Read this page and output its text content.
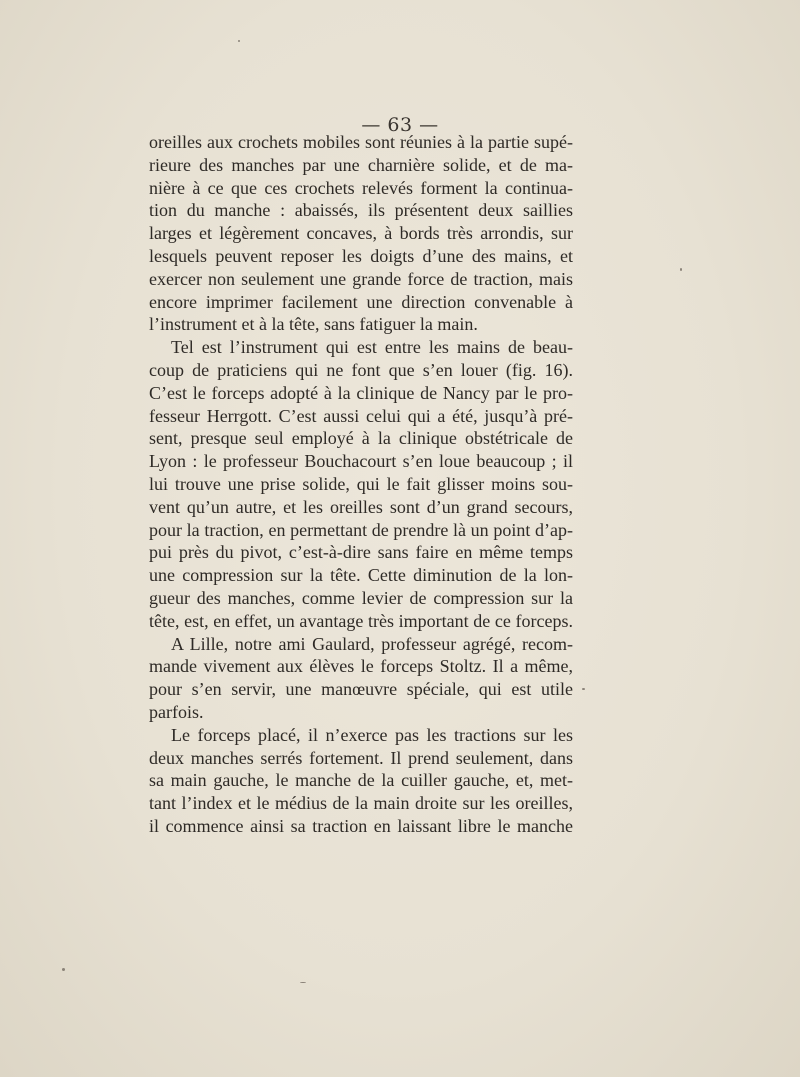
— 63 —
oreilles aux crochets mobiles sont réunies à la partie supé-
rieure des manches par une charnière solide, et de ma-
nière à ce que ces crochets relevés forment la continua-
tion du manche : abaissés, ils présentent deux saillies
larges et légèrement concaves, à bords très arrondis, sur
lesquels peuvent reposer les doigts d’une des mains, et
exercer non seulement une grande force de traction, mais
encore imprimer facilement une direction convenable à
l’instrument et à la tête, sans fatiguer la main.
Tel est l’instrument qui est entre les mains de beau-
coup de praticiens qui ne font que s’en louer (fig. 16).
C’est le forceps adopté à la clinique de Nancy par le pro-
fesseur Herrgott. C’est aussi celui qui a été, jusqu’à pré-
sent, presque seul employé à la clinique obstétricale de
Lyon : le professeur Bouchacourt s’en loue beaucoup ; il
lui trouve une prise solide, qui le fait glisser moins sou-
vent qu’un autre, et les oreilles sont d’un grand secours,
pour la traction, en permettant de prendre là un point d’ap-
pui près du pivot, c’est-à-dire sans faire en même temps
une compression sur la tête. Cette diminution de la lon-
gueur des manches, comme levier de compression sur la
tête, est, en effet, un avantage très important de ce forceps.
A Lille, notre ami Gaulard, professeur agrégé, recom-
mande vivement aux élèves le forceps Stoltz. Il a même,
pour s’en servir, une manœuvre spéciale, qui est utile
parfois.
Le forceps placé, il n’exerce pas les tractions sur les
deux manches serrés fortement. Il prend seulement, dans
sa main gauche, le manche de la cuiller gauche, et, met-
tant l’index et le médius de la main droite sur les oreilles,
il commence ainsi sa traction en laissant libre le manche
